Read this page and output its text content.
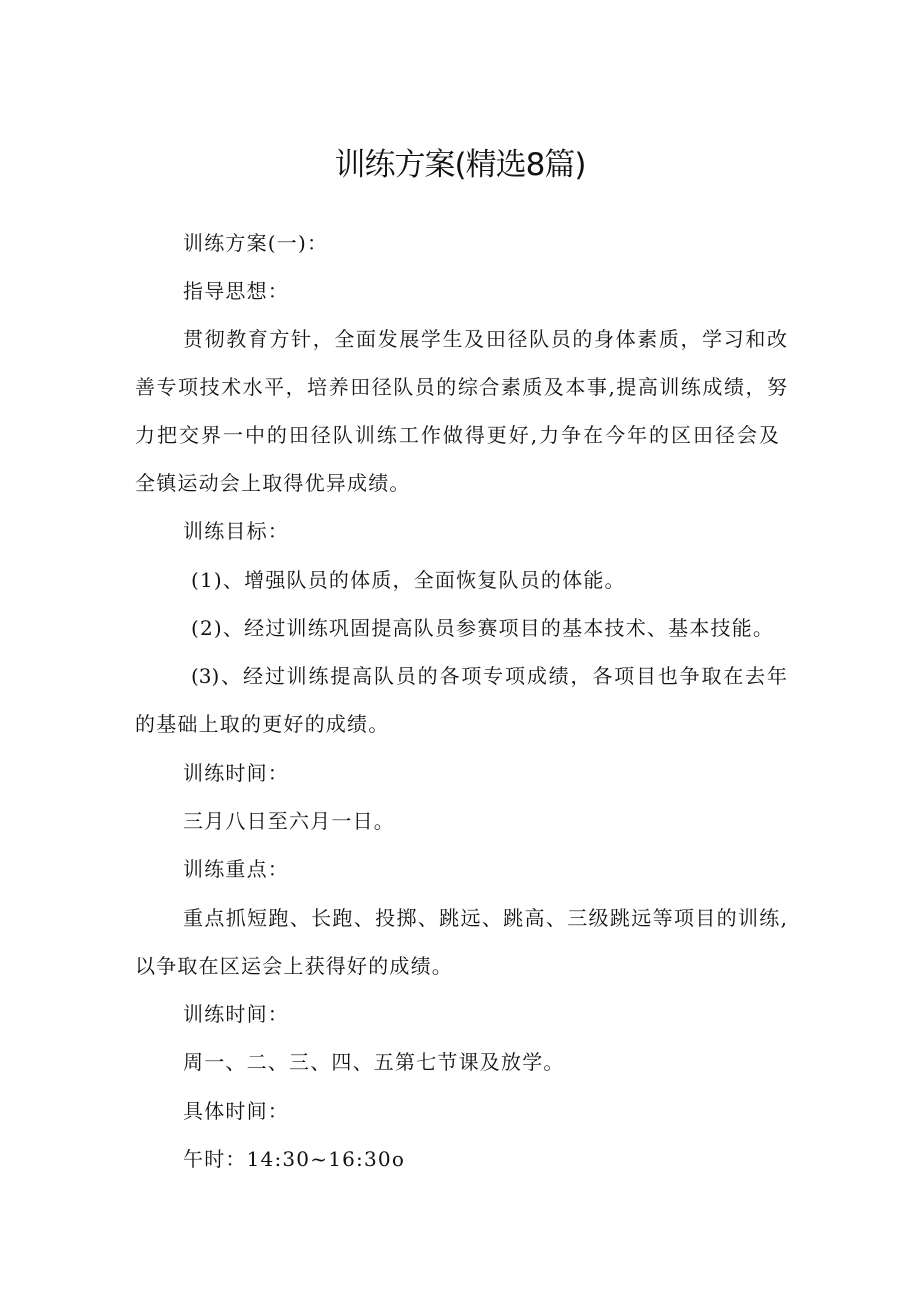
训练方案(精选8篇)
训练方案(一)：
指导思想：
贯彻教育方针，全面发展学生及田径队员的身体素质，学习和改
善专项技术水平，培养田径队员的综合素质及本事,提高训练成绩，努
力把交界一中的田径队训练工作做得更好,力争在今年的区田径会及
全镇运动会上取得优异成绩。
训练目标：
(1)、增强队员的体质，全面恢复队员的体能。
(2)、经过训练巩固提高队员参赛项目的基本技术、基本技能。
(3)、经过训练提高队员的各项专项成绩，各项目也争取在去年
的基础上取的更好的成绩。
训练时间：
三月八日至六月一日。
训练重点：
重点抓短跑、长跑、投掷、跳远、跳高、三级跳远等项目的训练,
以争取在区运会上获得好的成绩。
训练时间：
周一、二、三、四、五第七节课及放学。
具体时间：
午时：14:30~16:30o
